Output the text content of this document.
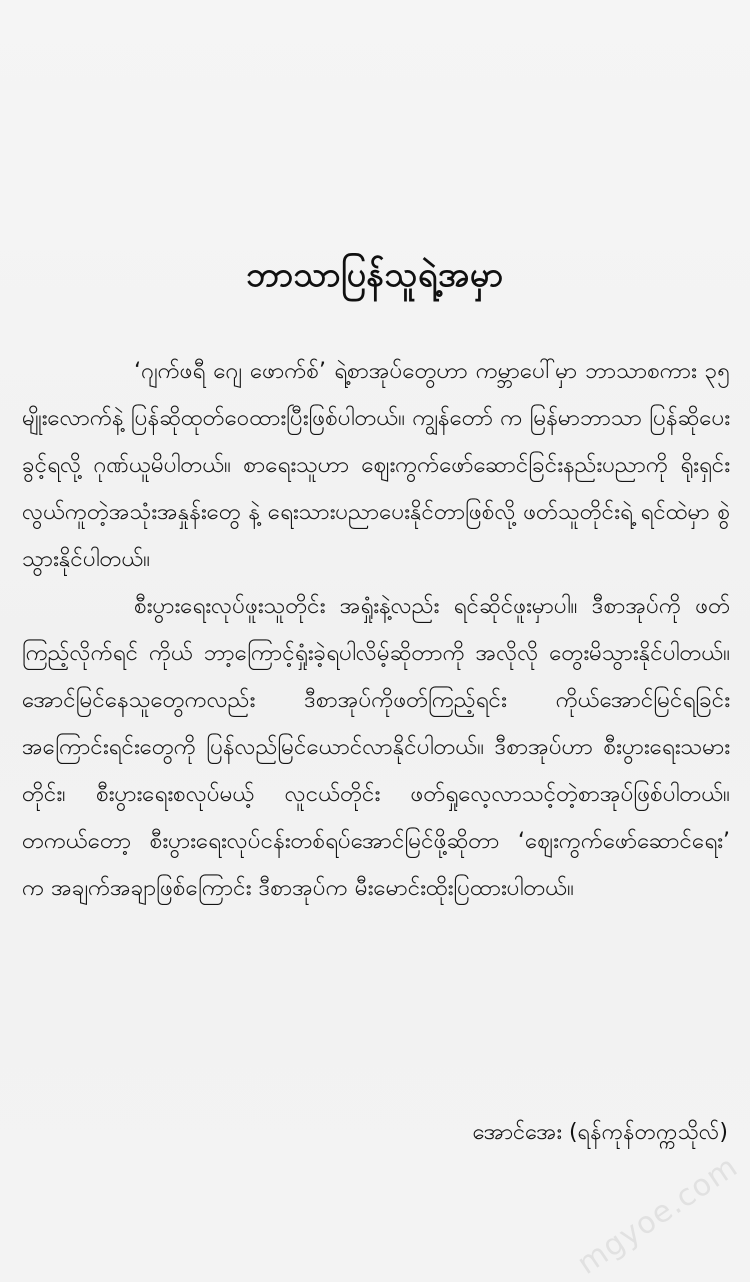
ဘာသာပြန်သူရဲ့အမှာ

‘ဂျက်ဖရီ ဂျေ ဖောက်စ်’ ရဲ့စာအုပ်တွေဟာ ကမ္ဘာပေါ်မှာ ဘာသာစကား ၃၅ မျိုးလောက်နဲ့ ပြန်ဆိုထုတ်ဝေထားပြီးဖြစ်ပါတယ်။ ကျွန်တော် က မြန်မာဘာသာ ပြန်ဆိုပေးခွင့်ရလို့ ဂုဏ်ယူမိပါတယ်။ စာရေးသူဟာ ဈေးကွက်ဖော်ဆောင်ခြင်းနည်းပညာကို ရိုးရှင်းလွယ်ကူတဲ့အသုံးအနှုန်းတွေ နဲ့ ရေးသားပညာပေးနိုင်တာဖြစ်လို့ ဖတ်သူတိုင်းရဲ့ ရင်ထဲမှာ စွဲသွားနိုင်ပါတယ်။

စီးပွားရေးလုပ်ဖူးသူတိုင်း အရှုံးနဲ့လည်း ရင်ဆိုင်ဖူးမှာပါ။ ဒီစာအုပ်ကို ဖတ်ကြည့်လိုက်ရင် ကိုယ် ဘာ့ကြောင့်ရှုံးခဲ့ရပါလိမ့်ဆိုတာကို အလိုလို တွေးမိသွားနိုင်ပါတယ်။ အောင်မြင်နေသူတွေကလည်း ဒီစာအုပ်ကိုဖတ်ကြည့်ရင်း ကိုယ်အောင်မြင်ရခြင်းအကြောင်းရင်းတွေကို ပြန်လည်မြင်ယောင်လာနိုင်ပါတယ်။ ဒီစာအုပ်ဟာ စီးပွားရေးသမားတိုင်း၊ စီးပွားရေးစလုပ်မယ့် လူငယ်တိုင်း ဖတ်ရှုလေ့လာသင့်တဲ့စာအုပ်ဖြစ်ပါတယ်။ တကယ်တော့ စီးပွားရေးလုပ်ငန်းတစ်ရပ်အောင်မြင်ဖို့ဆိုတာ ‘ဈေးကွက်ဖော်ဆောင်ရေး’ က အချက်အချာဖြစ်ကြောင်း ဒီစာအုပ်က မီးမောင်းထိုးပြထားပါတယ်။

အောင်အေး (ရန်ကုန်တက္ကသိုလ်)
mgyoe.com
